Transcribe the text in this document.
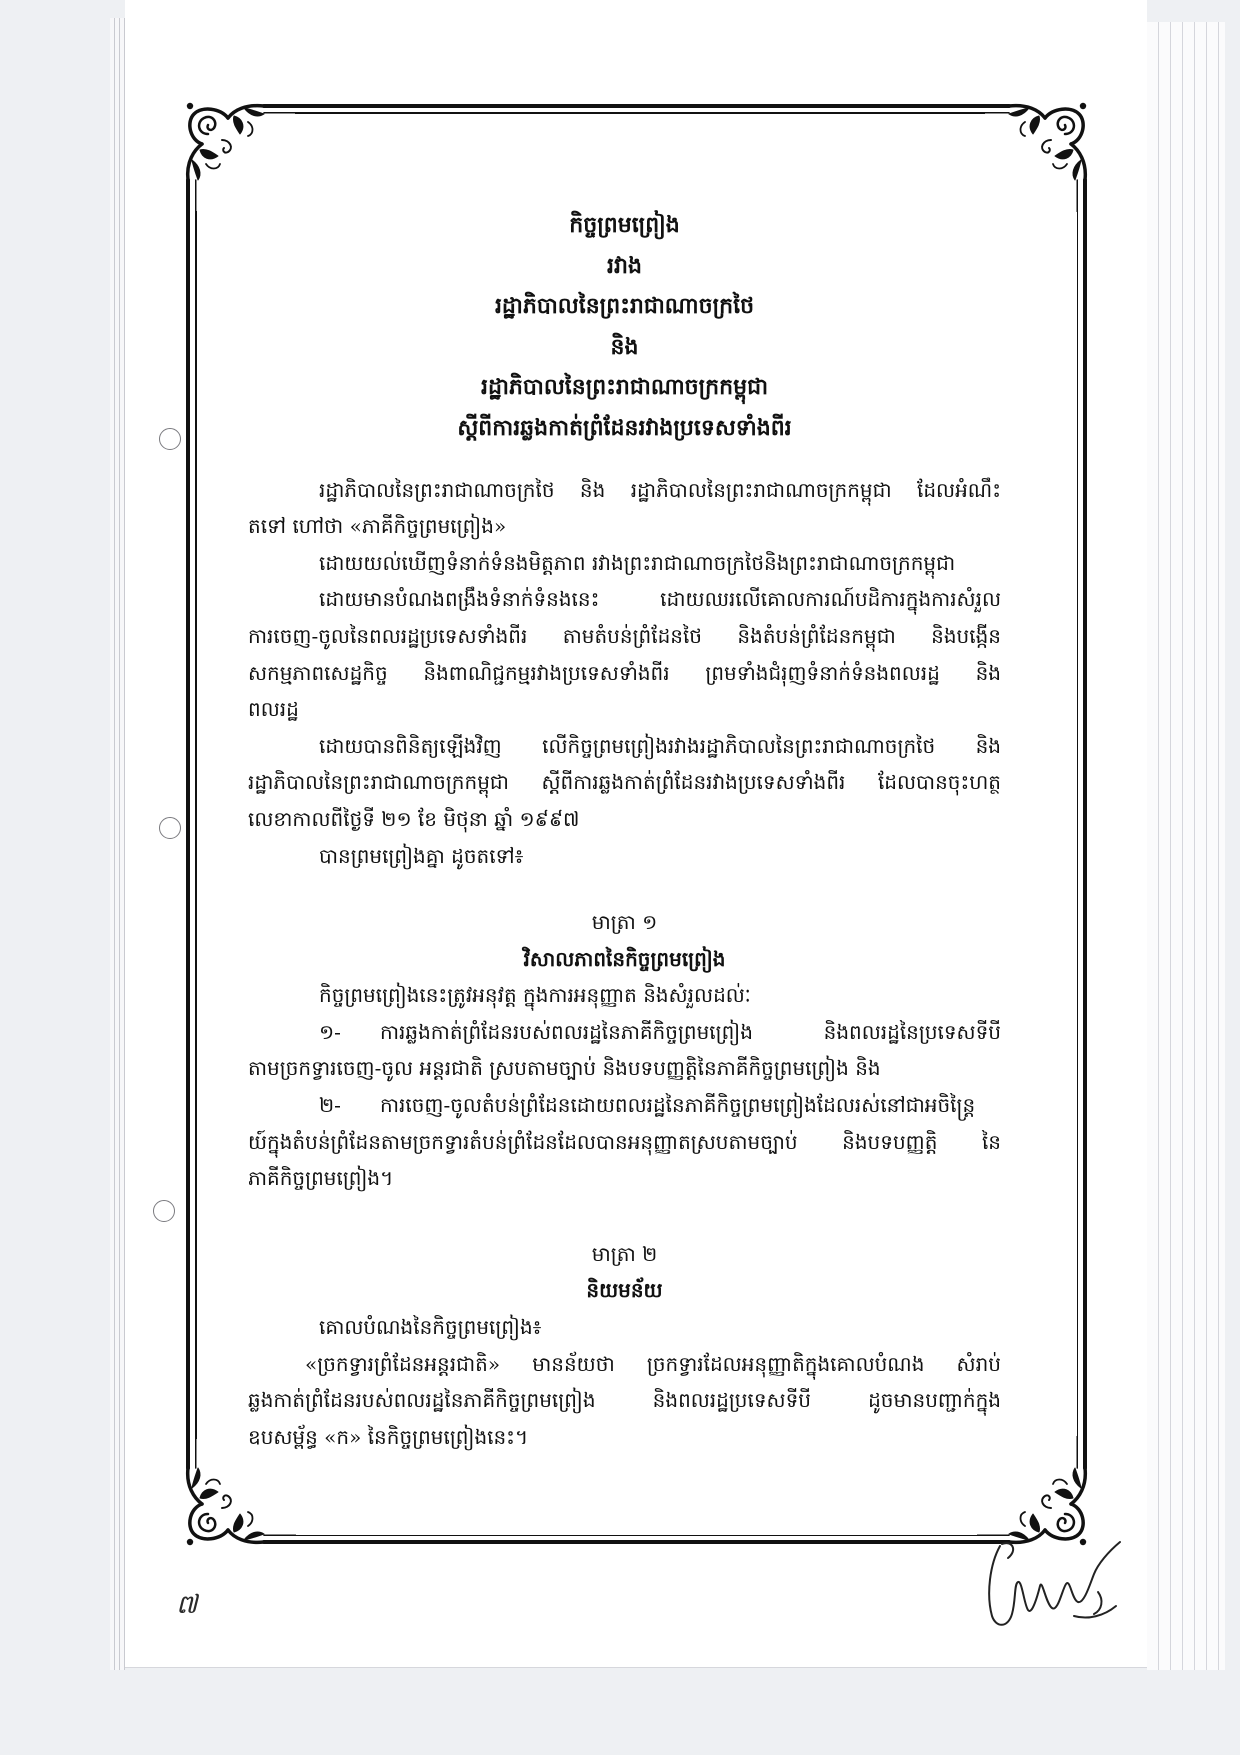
កិច្ចព្រមព្រៀង
រវាង
រដ្ឋាភិបាលនៃព្រះរាជាណាចក្រថៃ
និង
រដ្ឋាភិបាលនៃព្រះរាជាណាចក្រកម្ពុជា
ស្តីពីការឆ្លងកាត់ព្រំដែនរវាងប្រទេសទាំងពីរ
រដ្ឋាភិបាលនៃព្រះរាជាណាចក្រថៃ និង រដ្ឋាភិបាលនៃព្រះរាជាណាចក្រកម្ពុជា ដែលអំណឹះ
តទៅ ហៅថា «ភាគីកិច្ចព្រមព្រៀង»
ដោយយល់ឃើញទំនាក់ទំនងមិត្តភាព រវាងព្រះរាជាណាចក្រថៃនិងព្រះរាជាណាចក្រកម្ពុជា
ដោយមានបំណងពង្រឹងទំនាក់ទំនងនេះ ដោយឈរលើគោលការណ៍បដិការក្នុងការសំរួល
ការចេញ-ចូលនៃពលរដ្ឋប្រទេសទាំងពីរ តាមតំបន់ព្រំដែនថៃ និងតំបន់ព្រំដែនកម្ពុជា និងបង្កើន
សកម្មភាពសេដ្ឋកិច្ច និងពាណិជ្ជកម្មរវាងប្រទេសទាំងពីរ ព្រមទាំងជំរុញទំនាក់ទំនងពលរដ្ឋ និង
ពលរដ្ឋ
ដោយបានពិនិត្យឡើងវិញ លើកិច្ចព្រមព្រៀងរវាងរដ្ឋាភិបាលនៃព្រះរាជាណាចក្រថៃ និង
រដ្ឋាភិបាលនៃព្រះរាជាណាចក្រកម្ពុជា ស្តីពីការឆ្លងកាត់ព្រំដែនរវាងប្រទេសទាំងពីរ ដែលបានចុះហត្ថ
លេខាកាលពីថ្ងៃទី ២១ ខែ មិថុនា ឆ្នាំ ១៩៩៧
បានព្រមព្រៀងគ្នា ដូចតទៅ៖
មាត្រា ១
វិសាលភាពនៃកិច្ចព្រមព្រៀង
កិច្ចព្រមព្រៀងនេះត្រូវអនុវត្ត ក្នុងការអនុញ្ញាត និងសំរួលដល់ៈ
១- ការឆ្លងកាត់ព្រំដែនរបស់ពលរដ្ឋនៃភាគីកិច្ចព្រមព្រៀង និងពលរដ្ឋនៃប្រទេសទីបី
តាមច្រកទ្វារចេញ-ចូល អន្តរជាតិ ស្របតាមច្បាប់ និងបទបញ្ញត្តិនៃភាគីកិច្ចព្រមព្រៀង និង
២- ការចេញ-ចូលតំបន់ព្រំដែនដោយពលរដ្ឋនៃភាគីកិច្ចព្រមព្រៀងដែលរស់នៅជាអចិន្ត្រៃ
យ៍ក្នុងតំបន់ព្រំដែនតាមច្រកទ្វារតំបន់ព្រំដែនដែលបានអនុញ្ញាតស្របតាមច្បាប់ និងបទបញ្ញត្តិ នៃ
ភាគីកិច្ចព្រមព្រៀង។
មាត្រា ២
និយមន័យ
គោលបំណងនៃកិច្ចព្រមព្រៀង៖
«ច្រកទ្វារព្រំដែនអន្តរជាតិ» មានន័យថា ច្រកទ្វារដែលអនុញ្ញាតិក្នុងគោលបំណង សំរាប់
ឆ្លងកាត់ព្រំដែនរបស់ពលរដ្ឋនៃភាគីកិច្ចព្រមព្រៀង និងពលរដ្ឋប្រទេសទីបី ដូចមានបញ្ជាក់ក្នុង
ឧបសម្ព័ន្ធ «ក» នៃកិច្ចព្រមព្រៀងនេះ។
៧
